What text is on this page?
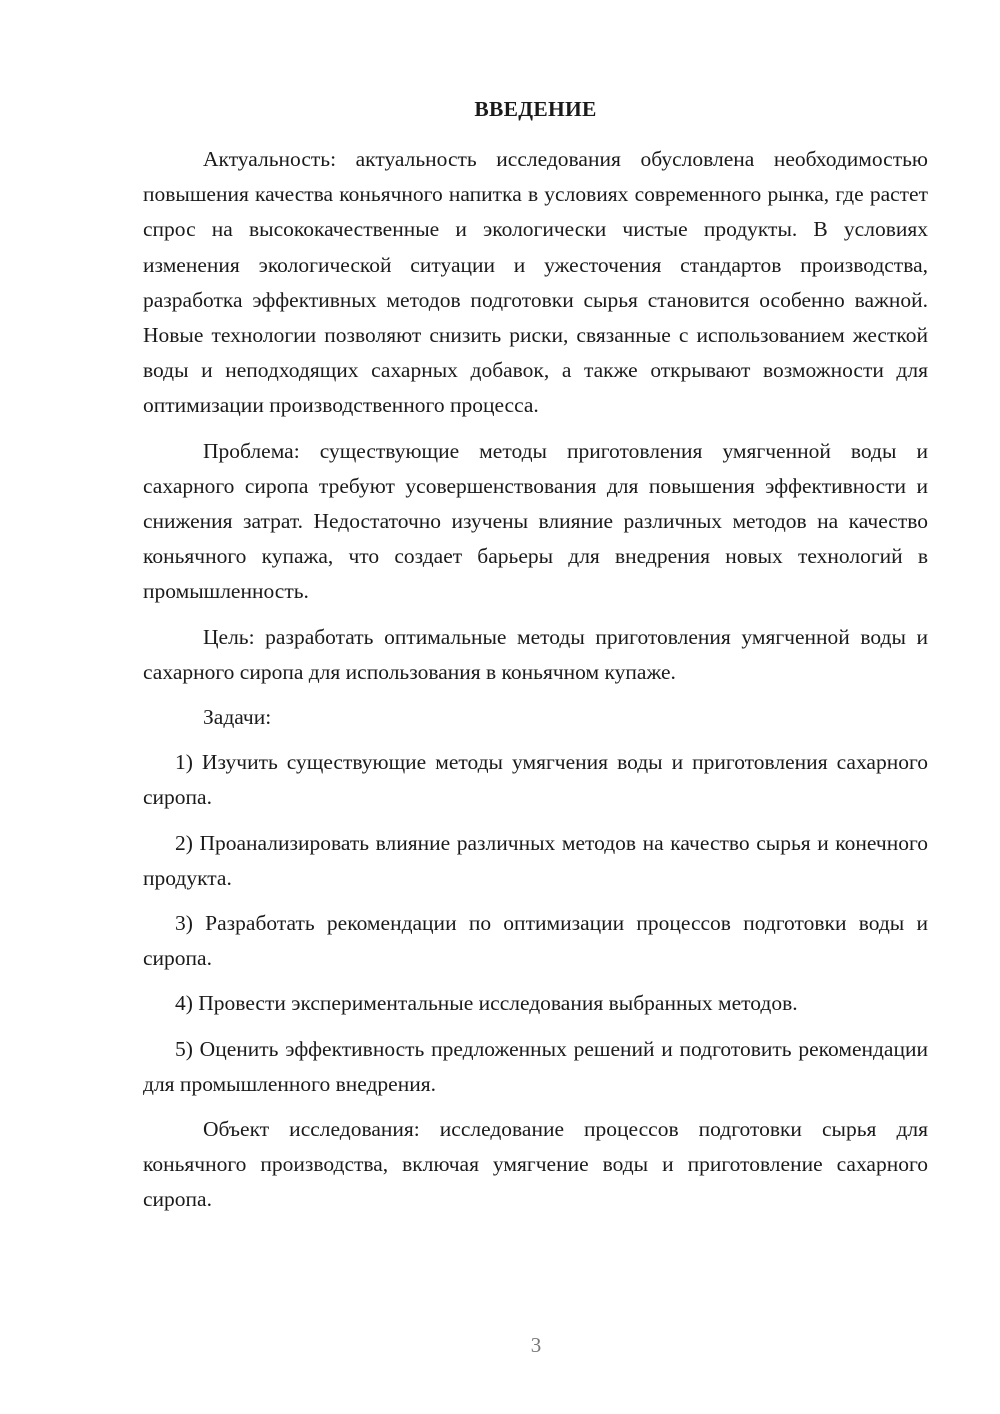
ВВЕДЕНИЕ

Актуальность: актуальность исследования обусловлена необходимостью повышения качества коньячного напитка в условиях современного рынка, где растет спрос на высококачественные и экологически чистые продукты. В условиях изменения экологической ситуации и ужесточения стандартов производства, разработка эффективных методов подготовки сырья становится особенно важной. Новые технологии позволяют снизить риски, связанные с использованием жесткой воды и неподходящих сахарных добавок, а также открывают возможности для оптимизации производственного процесса.

Проблема: существующие методы приготовления умягченной воды и сахарного сиропа требуют усовершенствования для повышения эффективности и снижения затрат. Недостаточно изучены влияние различных методов на качество коньячного купажа, что создает барьеры для внедрения новых технологий в промышленность.

Цель: разработать оптимальные методы приготовления умягченной воды и сахарного сиропа для использования в коньячном купаже.

Задачи:

1) Изучить существующие методы умягчения воды и приготовления сахарного сиропа.

2) Проанализировать влияние различных методов на качество сырья и конечного продукта.

3) Разработать рекомендации по оптимизации процессов подготовки воды и сиропа.

4) Провести экспериментальные исследования выбранных методов.

5) Оценить эффективность предложенных решений и подготовить рекомендации для промышленного внедрения.

Объект исследования: исследование процессов подготовки сырья для коньячного производства, включая умягчение воды и приготовление сахарного сиропа.

3
